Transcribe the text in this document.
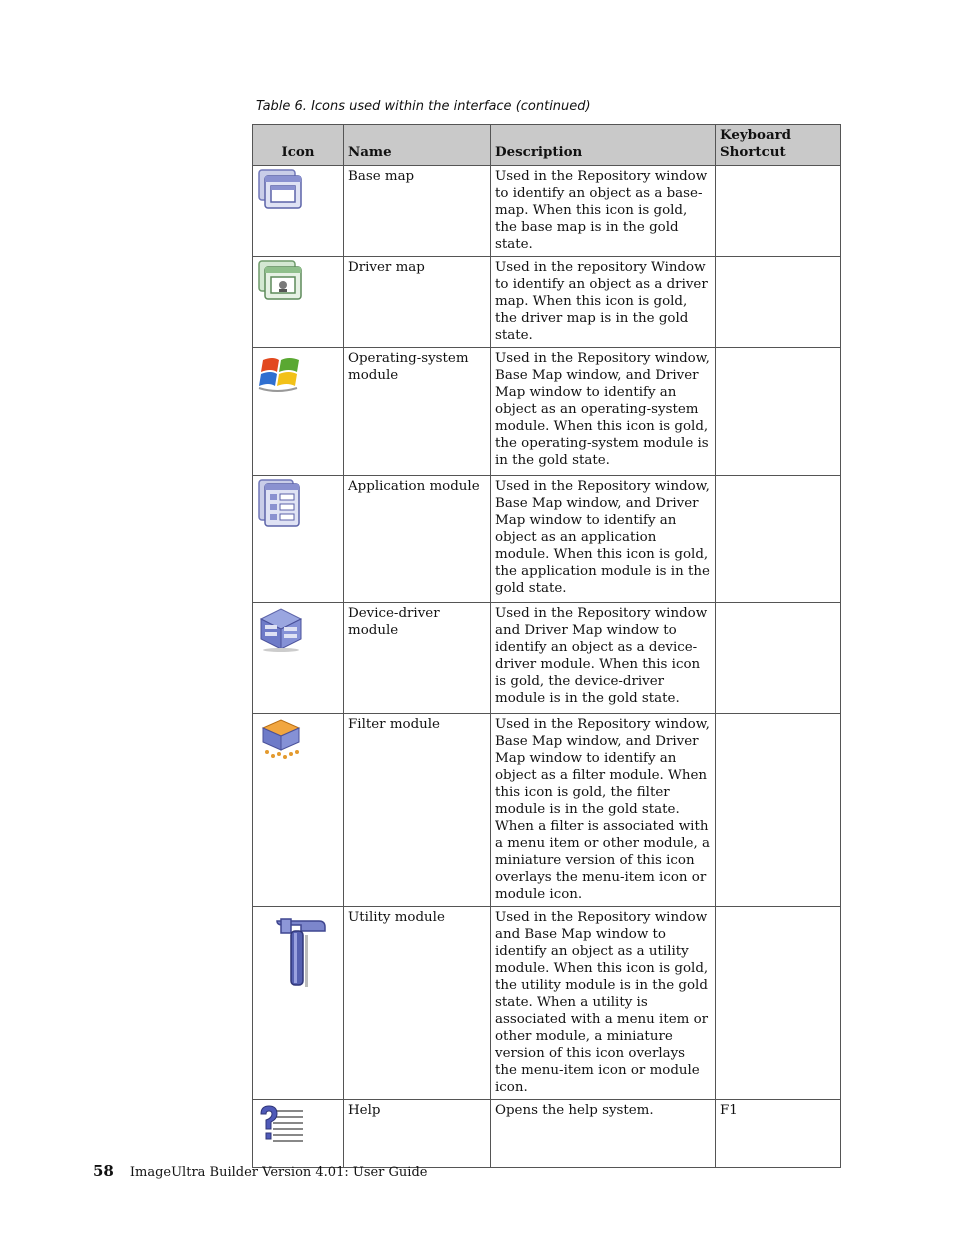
Table 6. Icons used within the interface (continued)
Icon	Name	Description	Keyboard
Shortcut

	Base map	Used in the Repository window to identify an object as a base-map. When this icon is gold, the base map is in the gold state.	

	Driver map	Used in the repository Window to identify an object as a driver map. When this icon is gold, the driver map is in the gold state.	

	Operating-system module	Used in the Repository window, Base Map window, and Driver Map window to identify an object as an operating-system module. When this icon is gold, the operating-system module is in the gold state.	

	Application module	Used in the Repository window, Base Map window, and Driver Map window to identify an object as an application module. When this icon is gold, the application module is in the gold state.	

	Device-driver module	Used in the Repository window and Driver Map window to identify an object as a device-driver module. When this icon is gold, the device-driver module is in the gold state.	

	Filter module	Used in the Repository window, Base Map window, and Driver Map window to identify an object as a filter module. When this icon is gold, the filter module is in the gold state. When a filter is associated with a menu item or other module, a miniature version of this icon overlays the menu-item icon or module icon.	

	Utility module	Used in the Repository window and Base Map window to identify an object as a utility module. When this icon is gold, the utility module is in the gold state. When a utility is associated with a menu item or other module, a miniature version of this icon overlays the menu-item icon or module icon.	

	Help	Opens the help system.	F1
58 ImageUltra Builder Version 4.01: User Guide
